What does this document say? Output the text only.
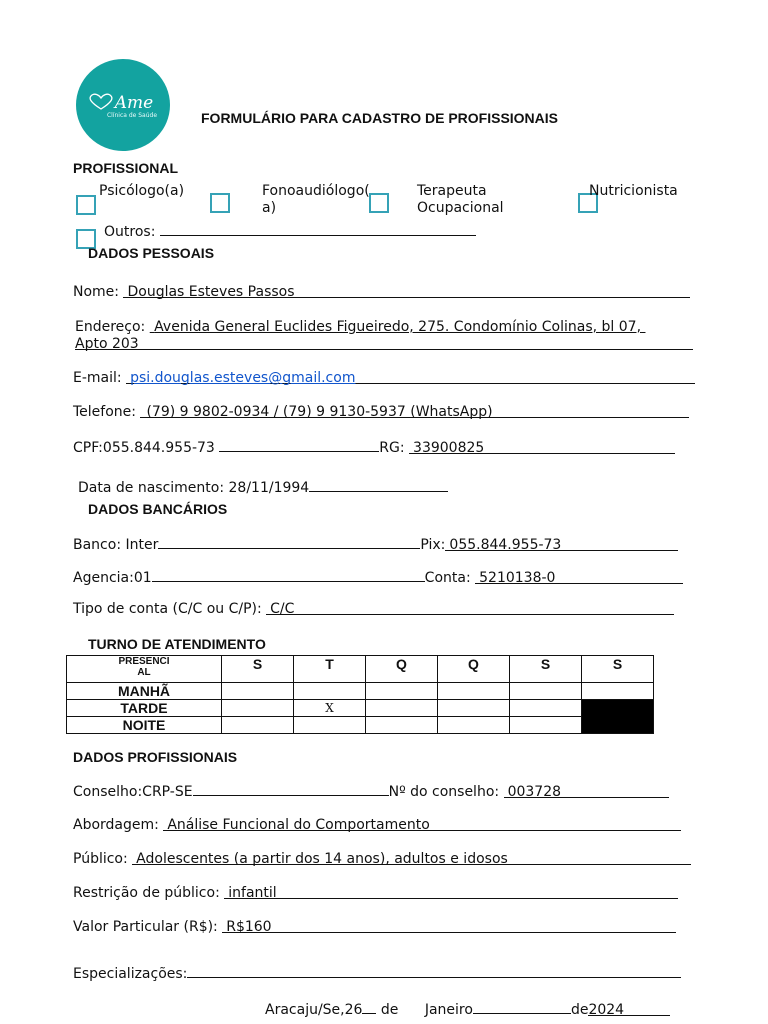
Ame
Clínica de Saúde	FORMULÁRIO PARA CADASTRO DE PROFISSIONAIS
PROFISSIONAL
Psicólogo(a)	Fonoaudiólogo(
a)
Terapeuta
Ocupacional
Nutricionista
Outros:
DADOS PESSOAIS
Nome: Douglas Esteves Passos
Endereço: Avenida General Euclides Figueiredo, 275. Condomínio Colinas, bl 07,
Apto 203
E-mail: psi.douglas.esteves@gmail.com
Telefone: (79) 9 9802-0934 / (79) 9 9130-5937 (WhatsApp)
CPF:055.844.955-73	RG: 33900825
Data de nascimento: 28/11/1994
DADOS BANCÁRIOS
Banco: Inter	Pix: 055.844.955-73
Agencia:01	Conta: 5210138-0
Tipo de conta (C/C ou C/P): C/C
TURNO DE ATENDIMENTO
PRESENCI
AL	S	T	Q	Q	S	S
MANHÃ						
TARDE		X				
NOITE						
DADOS PROFISSIONAIS
Conselho:CRP-SE	Nº do conselho: 003728
Abordagem: Análise Funcional do Comportamento
Público: Adolescentes (a partir dos 14 anos), adultos e idosos
Restrição de público: infantil
Valor Particular (R$): R$160
Especializações:
Aracaju/Se,26 de Janeiro	de2024
